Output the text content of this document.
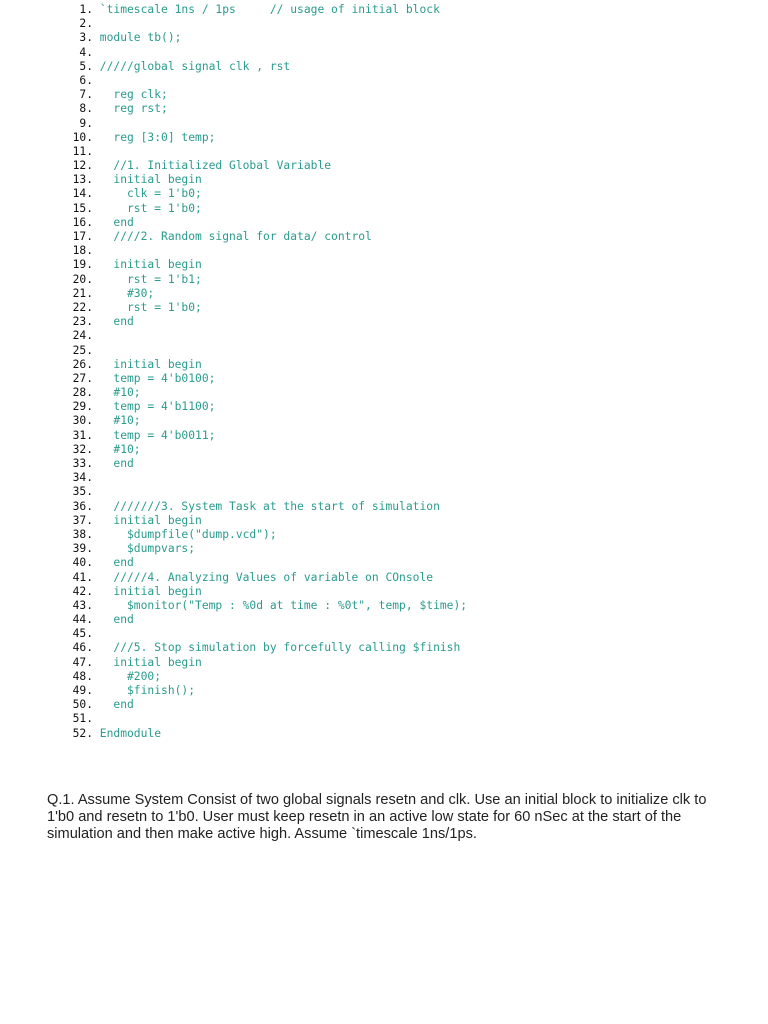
1. `timescale 1ns / 1ps     // usage of initial block
2.

3. module tb();
4.

5. /////global signal clk , rst
6.

7. reg clk;
8. reg rst;
9.

10. reg [3:0] temp;
11.

12. //1. Initialized Global Variable
13. initial begin
14. clk = 1'b0;
15. rst = 1'b0;
16. end
17. ////2. Random signal for data/ control
18.

19. initial begin
20. rst = 1'b1;
21. #30;
22. rst = 1'b0;
23. end
24.

25.

26. initial begin
27. temp = 4'b0100;
28. #10;
29. temp = 4'b1100;
30. #10;
31. temp = 4'b0011;
32. #10;
33. end
34.

35.

36. ///////3. System Task at the start of simulation
37. initial begin
38. $dumpfile("dump.vcd");
39. $dumpvars;
40. end
41. /////4. Analyzing Values of variable on COnsole
42. initial begin
43. $monitor("Temp : %0d at time : %0t", temp, $time);
44. end
45.

46. ///5. Stop simulation by forcefully calling $finish
47. initial begin
48. #200;
49. $finish();
50. end
51.

52. Endmodule

Q.1. Assume System Consist of two global signals resetn and clk. Use an initial block to initialize clk to 1'b0 and resetn to 1'b0. User must keep resetn in an active low state for 60 nSec at the start of the simulation and then make active high. Assume `timescale 1ns/1ps.
